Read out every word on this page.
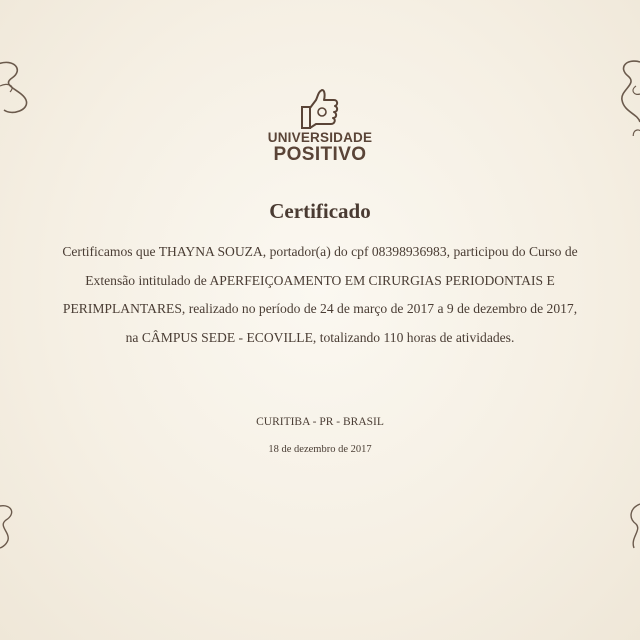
UNIVERSIDADE
POSITIVO
Certificado
Certificamos que THAYNA SOUZA, portador(a) do cpf 08398936983, participou do Curso de
Extensão intitulado de APERFEIÇOAMENTO EM CIRURGIAS PERIODONTAIS E
PERIMPLANTARES, realizado no período de 24 de março de 2017 a 9 de dezembro de 2017,
na CÂMPUS SEDE - ECOVILLE, totalizando 110 horas de atividades.
CURITIBA - PR - BRASIL
18 de dezembro de 2017
